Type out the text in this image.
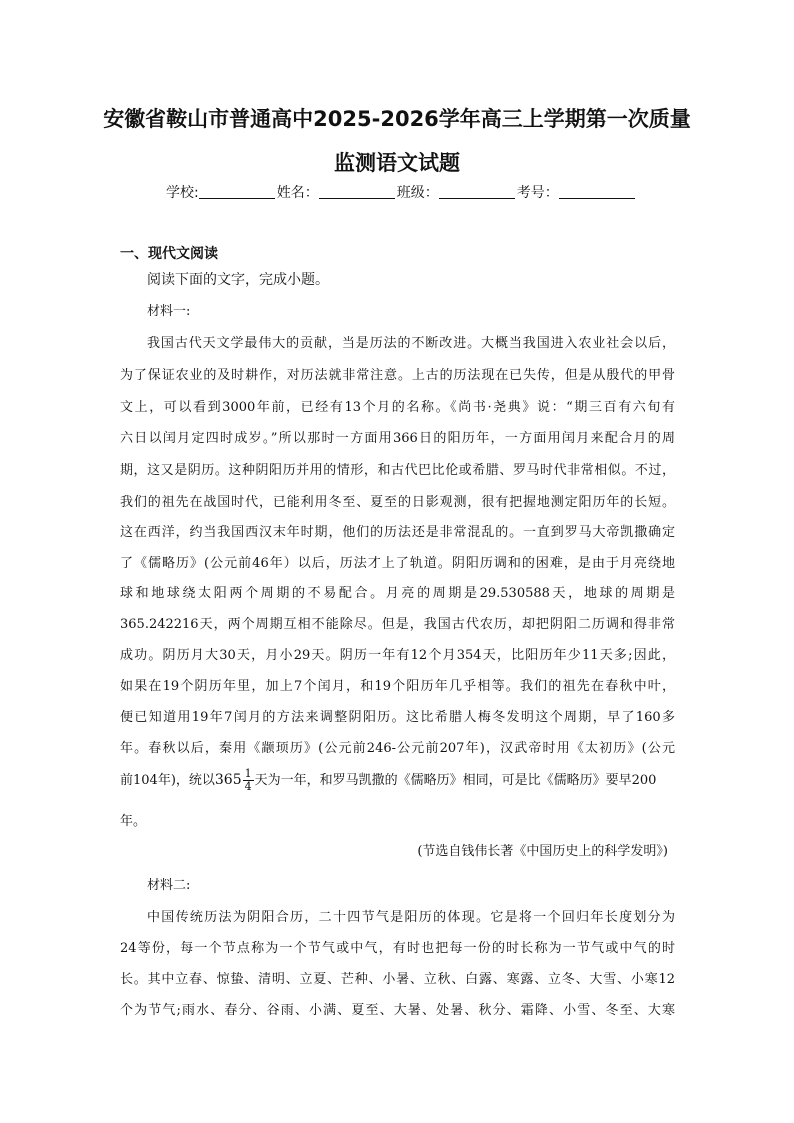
安徽省鞍山市普通高中2025-2026学年高三上学期第一次质量
监测语文试题
学校:	姓名：	班级：	考号：
一、现代文阅读
阅读下面的文字，完成小题。
材料一:
我国古代天文学最伟大的贡献，当是历法的不断改进。大概当我国进入农业社会以后，
为了保证农业的及时耕作，对历法就非常注意。上古的历法现在已失传，但是从殷代的甲骨
文上，可以看到3000年前，已经有13个月的名称。《尚书·尧典》说：“期三百有六旬有
六日以闰月定四时成岁。”所以那时一方面用366日的阳历年，一方面用闰月来配合月的周
期，这又是阴历。这种阴阳历并用的情形，和古代巴比伦或希腊、罗马时代非常相似。不过，
我们的祖先在战国时代，已能利用冬至、夏至的日影观测，很有把握地测定阳历年的长短。
这在西洋，约当我国西汉末年时期，他们的历法还是非常混乱的。一直到罗马大帝凯撒确定
了《儒略历》(公元前46年）以后，历法才上了轨道。阴阳历调和的困难，是由于月亮绕地
球和地球绕太阳两个周期的不易配合。月亮的周期是29.530588天，地球的周期是
365.242216天，两个周期互相不能除尽。但是，我国古代农历，却把阴阳二历调和得非常
成功。阴历月大30天，月小29天。阴历一年有12个月354天，比阳历年少11天多;因此，
如果在19个阴历年里，加上7个闰月，和19个阳历年几乎相等。我们的祖先在春秋中叶，
便已知道用19年7闰月的方法来调整阴阳历。这比希腊人梅冬发明这个周期，早了160多
年。春秋以后，秦用《颛顼历》(公元前246-公元前207年)，汉武帝时用《太初历》(公元
前104年)，统以$365 \frac{1}{4}$ 天为一年，和罗马凯撒的《儒略历》相同，可是比《儒略历》要早200
年。
(节选自钱伟长著《中国历史上的科学发明》)
材料二:
中国传统历法为阴阳合历，二十四节气是阳历的体现。它是将一个回归年长度划分为
24等份，每一个节点称为一个节气或中气，有时也把每一份的时长称为一节气或中气的时
长。其中立春、惊蛰、清明、立夏、芒种、小暑、立秋、白露、寒露、立冬、大雪、小寒12
个为节气;雨水、春分、谷雨、小满、夏至、大暑、处暑、秋分、霜降、小雪、冬至、大寒
